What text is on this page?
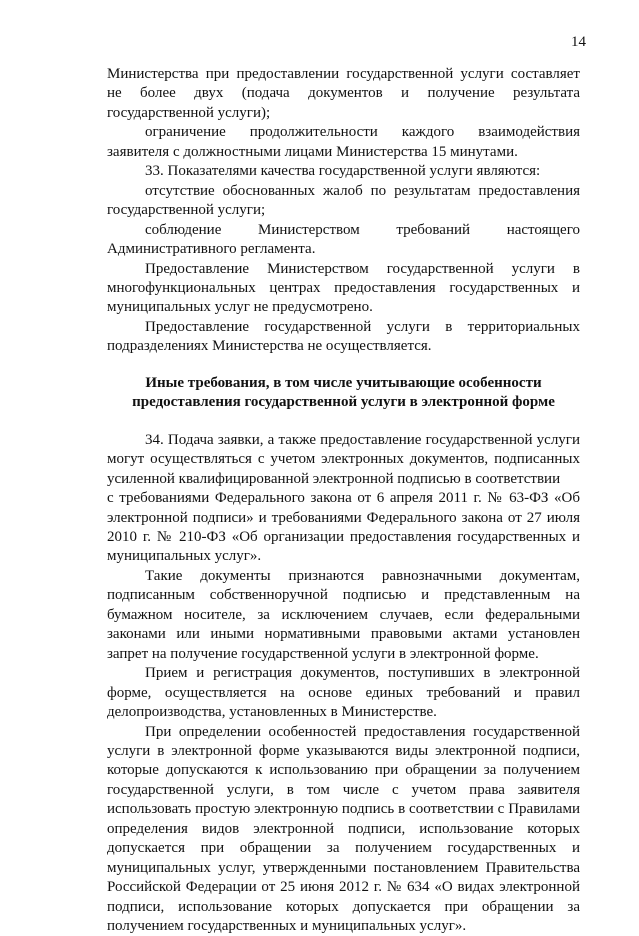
14

Министерства при предоставлении государственной услуги составляет не более двух (подача документов и получение результата государственной услуги);

ограничение продолжительности каждого взаимодействия заявителя с должностными лицами Министерства 15 минутами.

33. Показателями качества государственной услуги являются:

отсутствие обоснованных жалоб по результатам предоставления государственной услуги;

соблюдение Министерством требований настоящего Административного регламента.

Предоставление Министерством государственной услуги в многофункциональных центрах предоставления государственных и муниципальных услуг не предусмотрено.

Предоставление государственной услуги в территориальных подразделениях Министерства не осуществляется.

Иные требования, в том числе учитывающие особенности
предоставления государственной услуги в электронной форме

34. Подача заявки, а также предоставление государственной услуги могут осуществляться с учетом электронных документов, подписанных усиленной квалифицированной электронной подписью в соответствии

с требованиями Федерального закона от 6 апреля 2011 г. № 63-ФЗ «Об электронной подписи» и требованиями Федерального закона от 27 июля 2010 г. № 210-ФЗ «Об организации предоставления государственных и муниципальных услуг».

Такие документы признаются равнозначными документам, подписанным собственноручной подписью и представленным на бумажном носителе, за исключением случаев, если федеральными законами или иными нормативными правовыми актами установлен запрет на получение государственной услуги в электронной форме.

Прием и регистрация документов, поступивших в электронной форме, осуществляется на основе единых требований и правил делопроизводства, установленных в Министерстве.

При определении особенностей предоставления государственной услуги в электронной форме указываются виды электронной подписи, которые допускаются к использованию при обращении за получением государственной услуги, в том числе с учетом права заявителя использовать простую электронную подпись в соответствии с Правилами определения видов электронной подписи, использование которых допускается при обращении за получением государственных и муниципальных услуг, утвержденными постановлением Правительства Российской Федерации от 25 июня 2012 г. № 634 «О видах электронной подписи, использование которых допускается при обращении за получением государственных и муниципальных услуг».
